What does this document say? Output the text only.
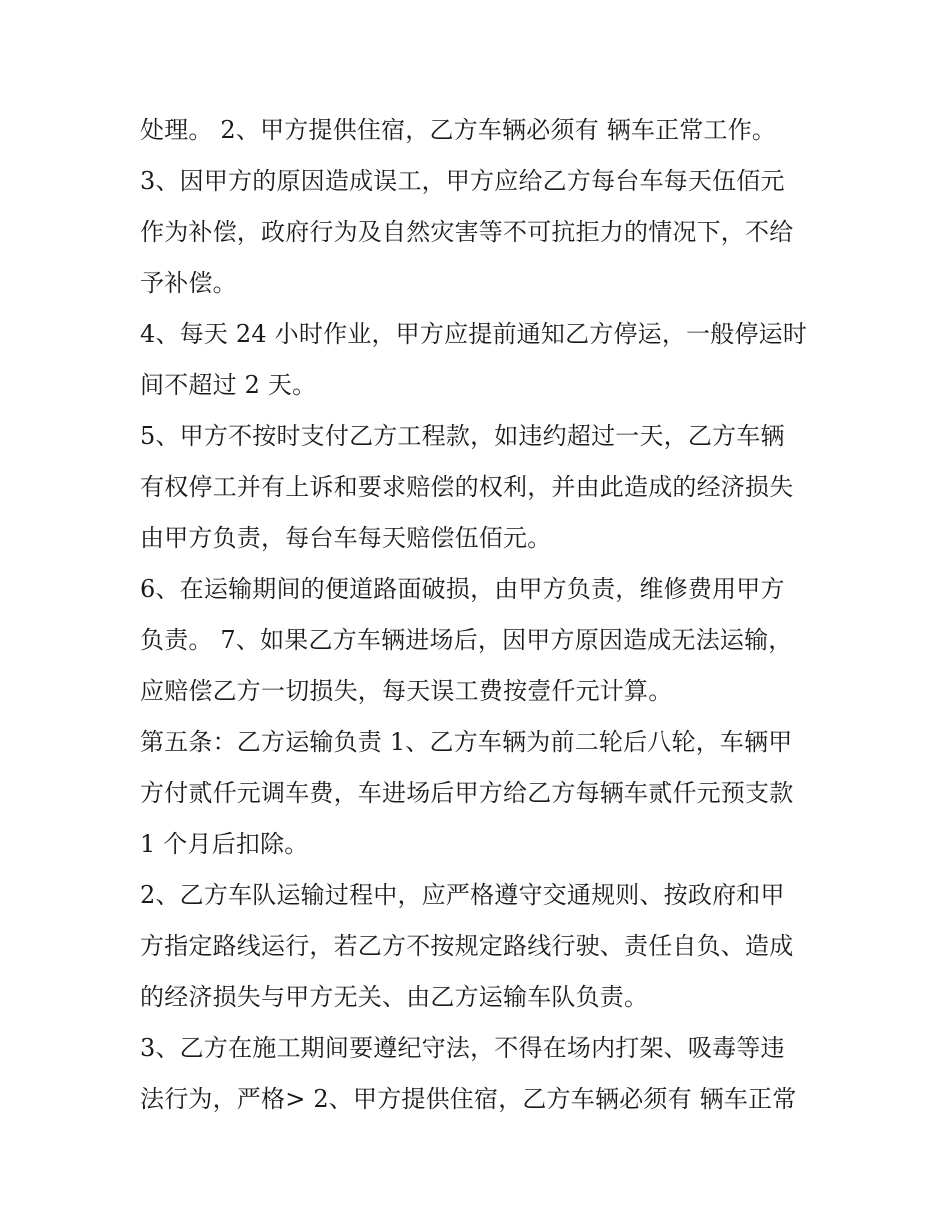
处理。 2、甲方提供住宿，乙方车辆必须有 辆车正常工作。
3、因甲方的原因造成误工，甲方应给乙方每台车每天伍佰元
作为补偿，政府行为及自然灾害等不可抗拒力的情况下，不给
予补偿。
4、每天 24 小时作业，甲方应提前通知乙方停运，一般停运时
间不超过 2 天。
5、甲方不按时支付乙方工程款，如违约超过一天，乙方车辆
有权停工并有上诉和要求赔偿的权利，并由此造成的经济损失
由甲方负责，每台车每天赔偿伍佰元。
6、在运输期间的便道路面破损，由甲方负责，维修费用甲方
负责。 7、如果乙方车辆进场后，因甲方原因造成无法运输，
应赔偿乙方一切损失，每天误工费按壹仟元计算。
第五条：乙方运输负责 1、乙方车辆为前二轮后八轮，车辆甲
方付贰仟元调车费，车进场后甲方给乙方每辆车贰仟元预支款
1 个月后扣除。
2、乙方车队运输过程中，应严格遵守交通规则、按政府和甲
方指定路线运行，若乙方不按规定路线行驶、责任自负、造成
的经济损失与甲方无关、由乙方运输车队负责。
3、乙方在施工期间要遵纪守法，不得在场内打架、吸毒等违
法行为，严格> 2、甲方提供住宿，乙方车辆必须有 辆车正常
